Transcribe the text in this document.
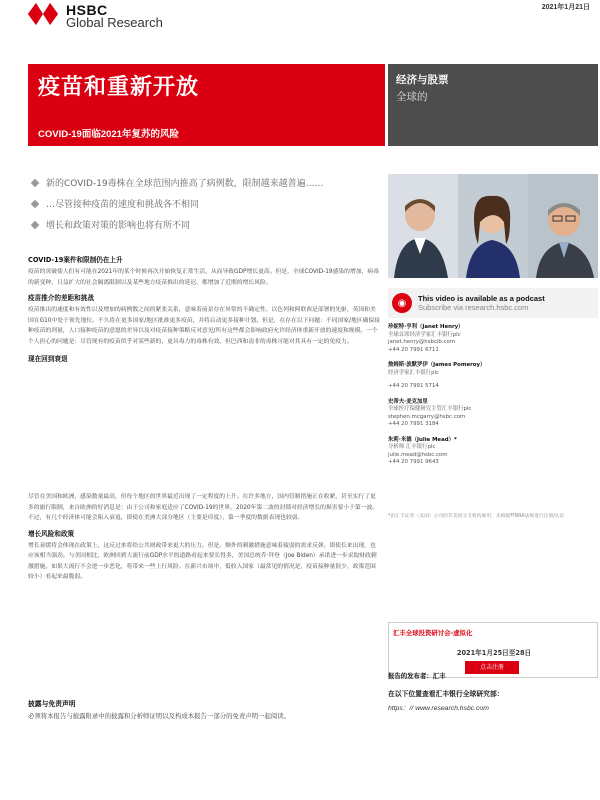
HSBC
Global Research
2021年1月21日
疫苗和重新开放
COVID-19面临2021年复苏的风险
经济与股票
全球的
新的COVID-19毒株在全球范围内推高了病例数，限制越来越普遍……
…尽管接种疫苗的速度和挑战各不相同
增长和政策对策的影响也将有所不同
COVID-19案件和限制仍在上升
疫苗的突破使人们有可能在2021年的某个时候再次开始恢复正常生活，从而导致GDP增长更高。但是，全球COVID-19感染的增加，病毒的新变种，日益扩大的社会隔离限制以及某些地方疫苗推出的延迟，都增加了近期的增长风险。
疫苗推介的差距和挑战
疫苗推出的速度和有效性以及增加的病例数之间的紧张关系，意味着前景存在异常的不确定性。以色列和阿联酋是部署的先驱，英国和美国在G10中处于领先地位。不久将在更多国家/地区批准更多疫苗，并将启动更多接种计划。但是，在存在以下问题：不同国家/地区确保接种疫苗的剂量，人口接种疫苗的意愿的差异以及对疫苗接种策略反对意见/所有这些都会影响政府允许经济体重新开放的速度和规模。一个个人担心的问题是：尽管现有的疫苗似乎对某些新的，更具毒力的毒株有效，但巴西和南非的毒株可能对其具有一定的免疫力。
现在回到衰退
尽管在美国和欧洲，感染数量最高，但每个地区的世界最近出现了一定程度的上升。在许多地方，国内管制措施正在收紧，甚至实行了更多的旅行限制，来自欧洲的好消息是：由于公司和家庭适应了COVID-19的世界，2020年第二波的封锁对经济增长的损害要小于第一波。不过，有几个经济体可能会陷入衰退，即使在美洲大部分地区（主要是印度），第一季度的数据表现也较弱。
增长风险和政策
增长衰缓将会体现在政策上，这反过来将给公共财政带来更大的压力。但是，额外的刺激措施意味着疲弱的需求反弹，即使长来出现，也应该相当强劲。与美国相比，欧洲回到大流行前GDP水平的道路看起来要长得多，美国总统乔·拜登（Joe Biden）承诺进一步采取财政刺激措施。如果大流行不会进一步恶化，将带来一些上行风险。在新兴市场中，低收入国家（最常见的情况是，疫苗接种量很少，政策范围较小）看起来最脆弱。
披露与免责声明
必须将本报告与披露附录中的披露和分析师证明以及构成本报告一部分的免责声明一起阅读。
◉	This video is available as a podcast
Subscribe via research.hsbc.com
珍妮特·亨利（Janet Henry）
全球首席经济学家汇丰银行plc
janet.henry@hsbcib.com
+44 20 7991 6711
詹姆斯·波默罗伊（James Pomeroy）
经济学家汇丰银行plc
+44 20 7991 5714
史蒂夫·麦克加里
全球医疗保健研究主管汇丰银行plc
stephen.mcgarry@hsbc.com
+44 20 7991 3184
朱莉·米德（Julie Mead）*
分析师 汇丰银行plc
julie.mead@hsbc.com
+44 20 7991 9643
*由汇丰证券（美国）公司的非美国分支机构雇用，未根据FINRA法规进行注册/认证
汇丰全球投资研讨会-虚拟化
2021年1月25日至28日
点击注册
报告的发布者：汇丰
在以下位置查看汇丰银行全球研究部：
https：// www.research.hsbc.com
